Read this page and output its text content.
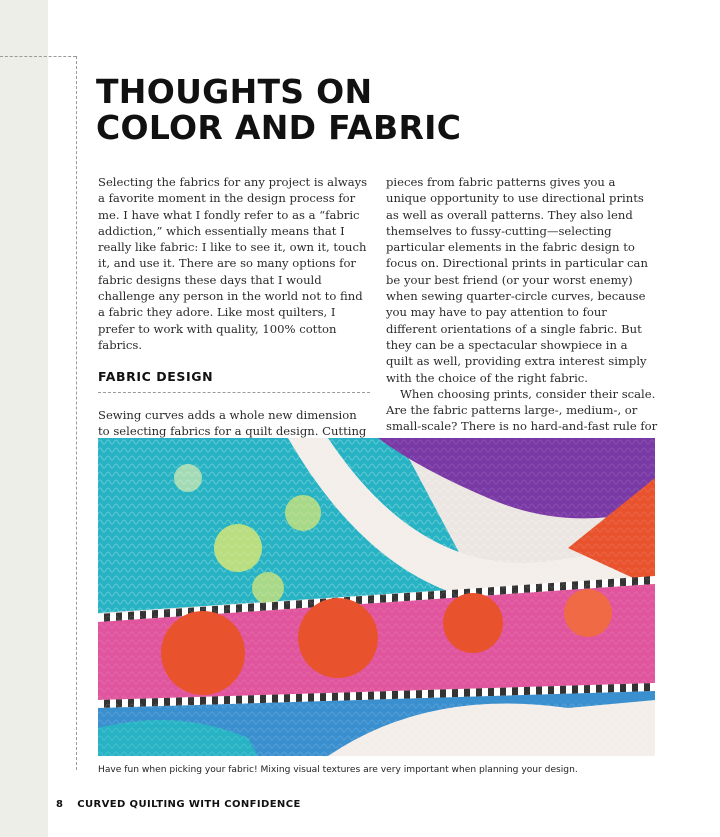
THOUGHTS ON
COLOR AND FABRIC

Selecting the fabrics for any project is always a favorite moment in the design process for me. I have what I fondly refer to as a “fabric addiction,” which essentially means that I really like fabric: I like to see it, own it, touch it, and use it. There are so many options for fabric designs these days that I would challenge any person in the world not to find a fabric they adore. Like most quilters, I prefer to work with quality, 100% cotton fabrics.

FABRIC DESIGN

Sewing curves adds a whole new dimension to selecting fabrics for a quilt design. Cutting

pieces from fabric patterns gives you a unique opportunity to use directional prints as well as overall patterns. They also lend themselves to fussy-cutting—selecting particular elements in the fabric design to focus on. Directional prints in particular can be your best friend (or your worst enemy) when sewing quarter-circle curves, because you may have to pay attention to four different orientations of a single fabric. But they can be a spectacular showpiece in a quilt as well, providing extra interest simply with the choice of the right fabric.

When choosing prints, consider their scale. Are the fabric patterns large-, medium-, or small-scale? There is no hard-and-fast rule for

Have fun when picking your fabric! Mixing visual textures are very important when planning your design.
8 CURVED QUILTING WITH CONFIDENCE
